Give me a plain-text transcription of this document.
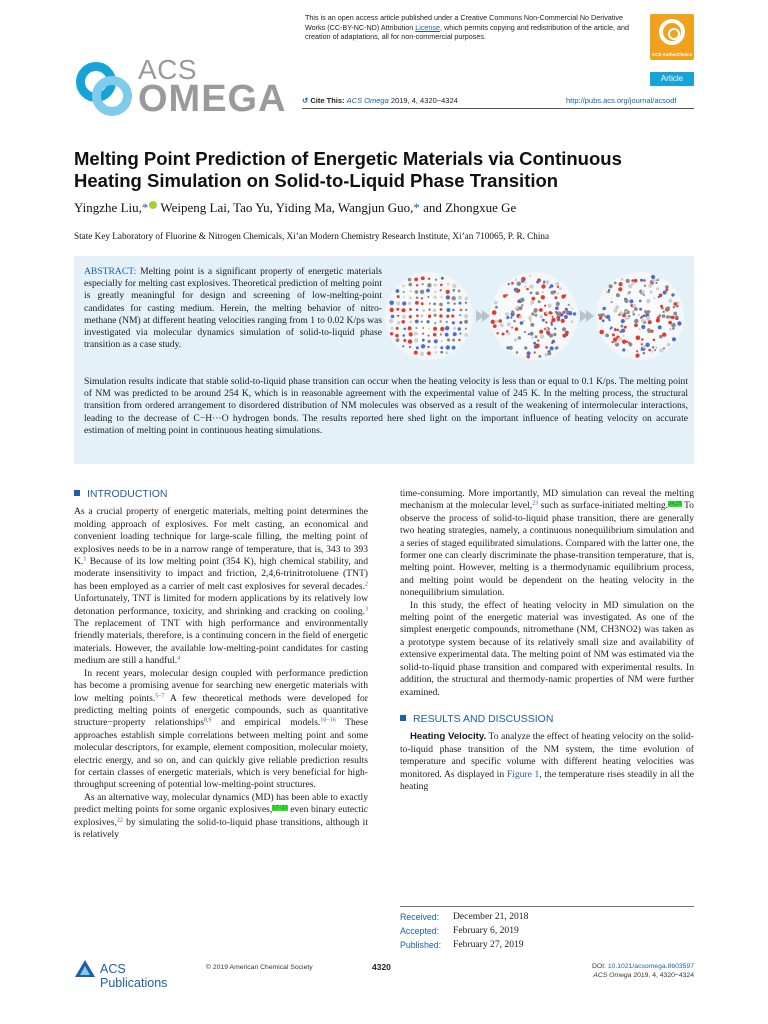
This is an open access article published under a Creative Commons Non-Commercial No Derivative Works (CC-BY-NC-ND) Attribution License, which permits copying and redistribution of the article, and creation of adaptations, all for non-commercial purposes.
ACS AuthorChoice
ACS
OMEGA	Article
↺ Cite This: ACS Omega 2019, 4, 4320−4324	http://pubs.acs.org/journal/acsodf
Melting Point Prediction of Energetic Materials via Continuous Heating Simulation on Solid-to-Liquid Phase Transition
Yingzhe Liu,* Weipeng Lai, Tao Yu, Yiding Ma, Wangjun Guo,* and Zhongxue Ge
State Key Laboratory of Fluorine & Nitrogen Chemicals, Xi’an Modern Chemistry Research Institute, Xi’an 710065, P. R. China
ABSTRACT: Melting point is a significant property of energetic materials especially for melting cast explosives. Theoretical prediction of melting point is greatly meaningful for design and screening of low-melting-point candidates for casting medium. Herein, the melting behavior of nitro-methane (NM) at different heating velocities ranging from 1 to 0.02 K/ps was investigated via molecular dynamics simulation of solid-to-liquid phase transition as a case study.
Simulation results indicate that stable solid-to-liquid phase transition can occur when the heating velocity is less than or equal to 0.1 K/ps. The melting point of NM was predicted to be around 254 K, which is in reasonable agreement with the experimental value of 245 K. In the melting process, the structural transition from ordered arrangement to disordered distribution of NM molecules was observed as a result of the weakening of intermolecular interactions, leading to the decrease of C−H···O hydrogen bonds. The results reported here shed light on the important influence of heating velocity on accurate estimation of melting point in continuous heating simulations.
INTRODUCTION

As a crucial property of energetic materials, melting point determines the molding approach of explosives. For melt casting, an economical and convenient loading technique for large-scale filling, the melting point of explosives needs to be in a narrow range of temperature, that is, 343 to 393 K.$^1$ Because of its low melting point (354 K), high chemical stability, and moderate insensitivity to impact and friction, 2,4,6-trinitrotoluene (TNT) has been employed as a carrier of melt cast explosives for several decades.$^2$ Unfortunately, TNT is limited for modern applications by its relatively low detonation performance, toxicity, and shrinking and cracking on cooling.$^3$ The replacement of TNT with high performance and environmentally friendly materials, therefore, is a continuing concern in the field of energetic materials. However, the available low-melting-point candidates for casting medium are still a handful.$^4$

In recent years, molecular design coupled with performance prediction has become a promising avenue for searching new energetic materials with low melting points.$^{5-7}$ A few theoretical methods were developed for predicting melting points of energetic compounds, such as quantitative structure−property relationships$^{8,9}$ and empirical models.$^{10-16}$ These approaches establish simple correlations between melting point and some molecular descriptors, for example, element composition, molecular moiety, electric energy, and so on, and can quickly give reliable prediction results for certain classes of energetic materials, which is very beneficial for high-throughput screening of potential low-melting-point structures.

As an alternative way, molecular dynamics (MD) has been able to exactly predict melting points for some organic explosives,$^{17-21}$ even binary eutectic explosives,$^{22}$ by simulating the solid-to-liquid phase transitions, although it is relatively

time-consuming. More importantly, MD simulation can reveal the melting mechanism at the molecular level,$^{23}$ such as surface-initiated melting.$^{24,25}$ To observe the process of solid-to-liquid phase transition, there are generally two heating strategies, namely, a continuous nonequilibrium simulation and a series of staged equilibrated simulations. Compared with the latter one, the former one can clearly discriminate the phase-transition temperature, that is, melting point. However, melting is a thermodynamic equilibrium process, and melting point would be dependent on the heating velocity in the nonequilibrium simulation.

In this study, the effect of heating velocity in MD simulation on the melting point of the energetic material was investigated. As one of the simplest energetic compounds, nitromethane (NM, CH3NO2) was taken as a prototype system because of its relatively small size and availability of extensive experimental data. The melting point of NM was estimated via the solid-to-liquid phase transition and compared with experimental results. In addition, the structural and thermody-namic properties of NM were further examined.

RESULTS AND DISCUSSION

Heating Velocity. To analyze the effect of heating velocity on the solid-to-liquid phase transition of the NM system, the time evolution of temperature and specific volume with different heating velocities was monitored. As displayed in Figure 1, the temperature rises steadily in all the heating

Received:	December 21, 2018
Accepted:	February 6, 2019
Published:	February 27, 2019
ACS Publications
© 2019 American Chemical Society	4320	DOI: 10.1021/acsomega.8b03597
ACS Omega 2019, 4, 4320−4324
